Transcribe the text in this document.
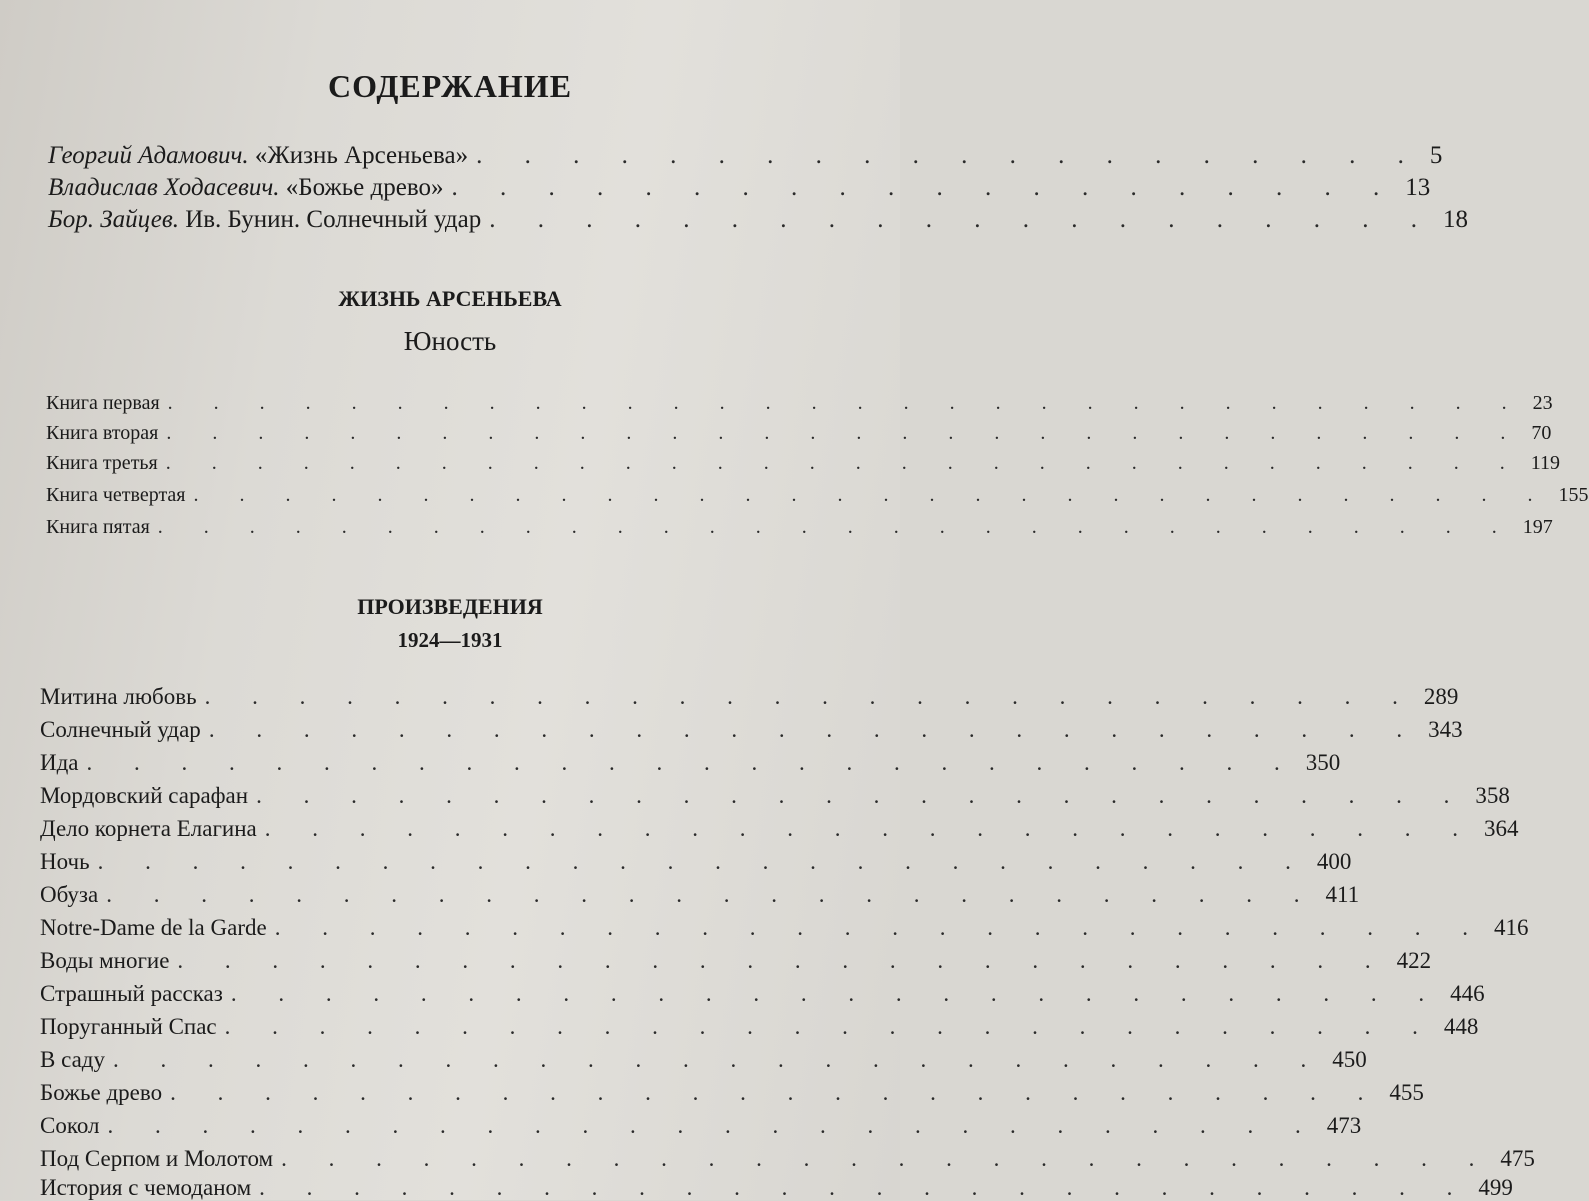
СОДЕРЖАНИЕ
Георгий Адамович. «Жизнь Арсеньева» . . . . . . . . . . . . . . . . . . . . 5
Владислав Ходасевич. «Божье древо» . . . . . . . . . . . . . . . . . . . . 13
Бор. Зайцев. Ив. Бунин. Солнечный удар . . . . . . . . . . . . . . . . . . . . 18
ЖИЗНЬ АРСЕНЬЕВА
Юность
Книга первая . . . . . . . . . . . . . . . . . . . . . . . . . . . . . . 23
Книга вторая . . . . . . . . . . . . . . . . . . . . . . . . . . . . . . 70
Книга третья . . . . . . . . . . . . . . . . . . . . . . . . . . . . . . 119
Книга четвертая . . . . . . . . . . . . . . . . . . . . . . . . . . . . . . 155
Книга пятая . . . . . . . . . . . . . . . . . . . . . . . . . . . . . . 197
ПРОИЗВЕДЕНИЯ
1924—1931
Митина любовь . . . . . . . . . . . . . . . . . . . . . . . . . . 289
Солнечный удар . . . . . . . . . . . . . . . . . . . . . . . . . . 343
Ида . . . . . . . . . . . . . . . . . . . . . . . . . . 350
Мордовский сарафан . . . . . . . . . . . . . . . . . . . . . . . . . . 358
Дело корнета Елагина . . . . . . . . . . . . . . . . . . . . . . . . . . 364
Ночь . . . . . . . . . . . . . . . . . . . . . . . . . . 400
Обуза . . . . . . . . . . . . . . . . . . . . . . . . . . 411
Notre-Dame de la Garde . . . . . . . . . . . . . . . . . . . . . . . . . . 416
Воды многие . . . . . . . . . . . . . . . . . . . . . . . . . . 422
Страшный рассказ . . . . . . . . . . . . . . . . . . . . . . . . . . 446
Поруганный Спас . . . . . . . . . . . . . . . . . . . . . . . . . . 448
В саду . . . . . . . . . . . . . . . . . . . . . . . . . . 450
Божье древо . . . . . . . . . . . . . . . . . . . . . . . . . . 455
Сокол . . . . . . . . . . . . . . . . . . . . . . . . . . 473
Под Серпом и Молотом . . . . . . . . . . . . . . . . . . . . . . . . . . 475
История с чемоданом . . . . . . . . . . . . . . . . . . . . . . . . . . 499
